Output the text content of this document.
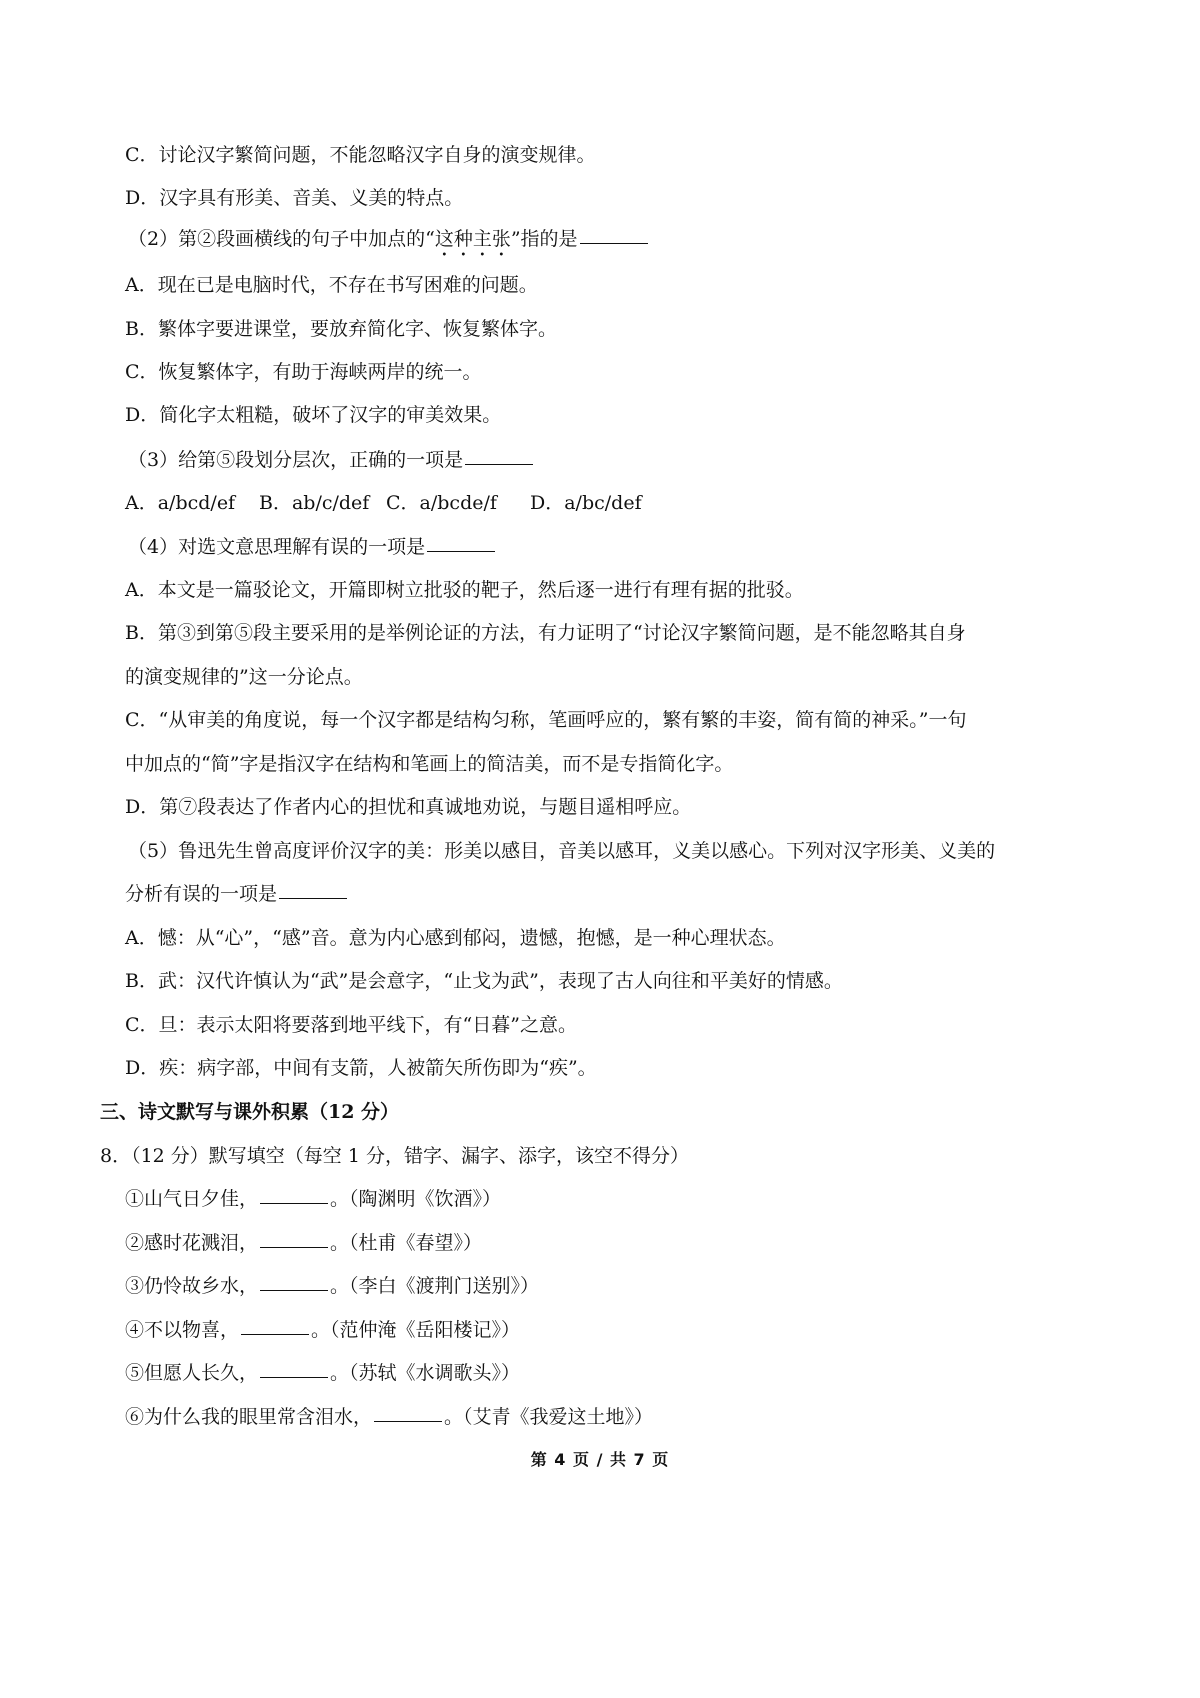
C．讨论汉字繁简问题，不能忽略汉字自身的演变规律。
D．汉字具有形美、音美、义美的特点。
（2）第②段画横线的句子中加点的“这种主张”指的是
A．现在已是电脑时代，不存在书写困难的问题。
B．繁体字要进课堂，要放弃简化字、恢复繁体字。
C．恢复繁体字，有助于海峡两岸的统一。
D．简化字太粗糙，破坏了汉字的审美效果。
（3）给第⑤段划分层次，正确的一项是
A．a/bcd/ef B．ab/c/def C．a/bcde/f D．a/bc/def
（4）对选文意思理解有误的一项是
A．本文是一篇驳论文，开篇即树立批驳的靶子，然后逐一进行有理有据的批驳。
B．第③到第⑤段主要采用的是举例论证的方法，有力证明了“讨论汉字繁简问题，是不能忽略其自身
的演变规律的”这一分论点。
C．“从审美的角度说，每一个汉字都是结构匀称，笔画呼应的，繁有繁的丰姿，简有简的神采。”一句
中加点的“简”字是指汉字在结构和笔画上的简洁美，而不是专指简化字。
D．第⑦段表达了作者内心的担忧和真诚地劝说，与题目遥相呼应。
（5）鲁迅先生曾高度评价汉字的美：形美以感目，音美以感耳，义美以感心。下列对汉字形美、义美的
分析有误的一项是
A．憾：从“心”，“感”音。意为内心感到郁闷，遗憾，抱憾，是一种心理状态。
B．武：汉代许慎认为“武”是会意字，“止戈为武”，表现了古人向往和平美好的情感。
C．旦：表示太阳将要落到地平线下，有“日暮”之意。
D．疾：病字部，中间有支箭，人被箭矢所伤即为“疾”。
三、诗文默写与课外积累（12 分）
8．（12 分）默写填空（每空 1 分，错字、漏字、添字，该空不得分）
①山气日夕佳，	。（陶渊明《饮酒》）
②感时花溅泪，	。（杜甫《春望》）
③仍怜故乡水，	。（李白《渡荆门送别》）
④不以物喜，	。（范仲淹《岳阳楼记》）
⑤但愿人长久，	。（苏轼《水调歌头》）
⑥为什么我的眼里常含泪水，	。（艾青《我爱这土地》）
第 4 页 / 共 7 页
